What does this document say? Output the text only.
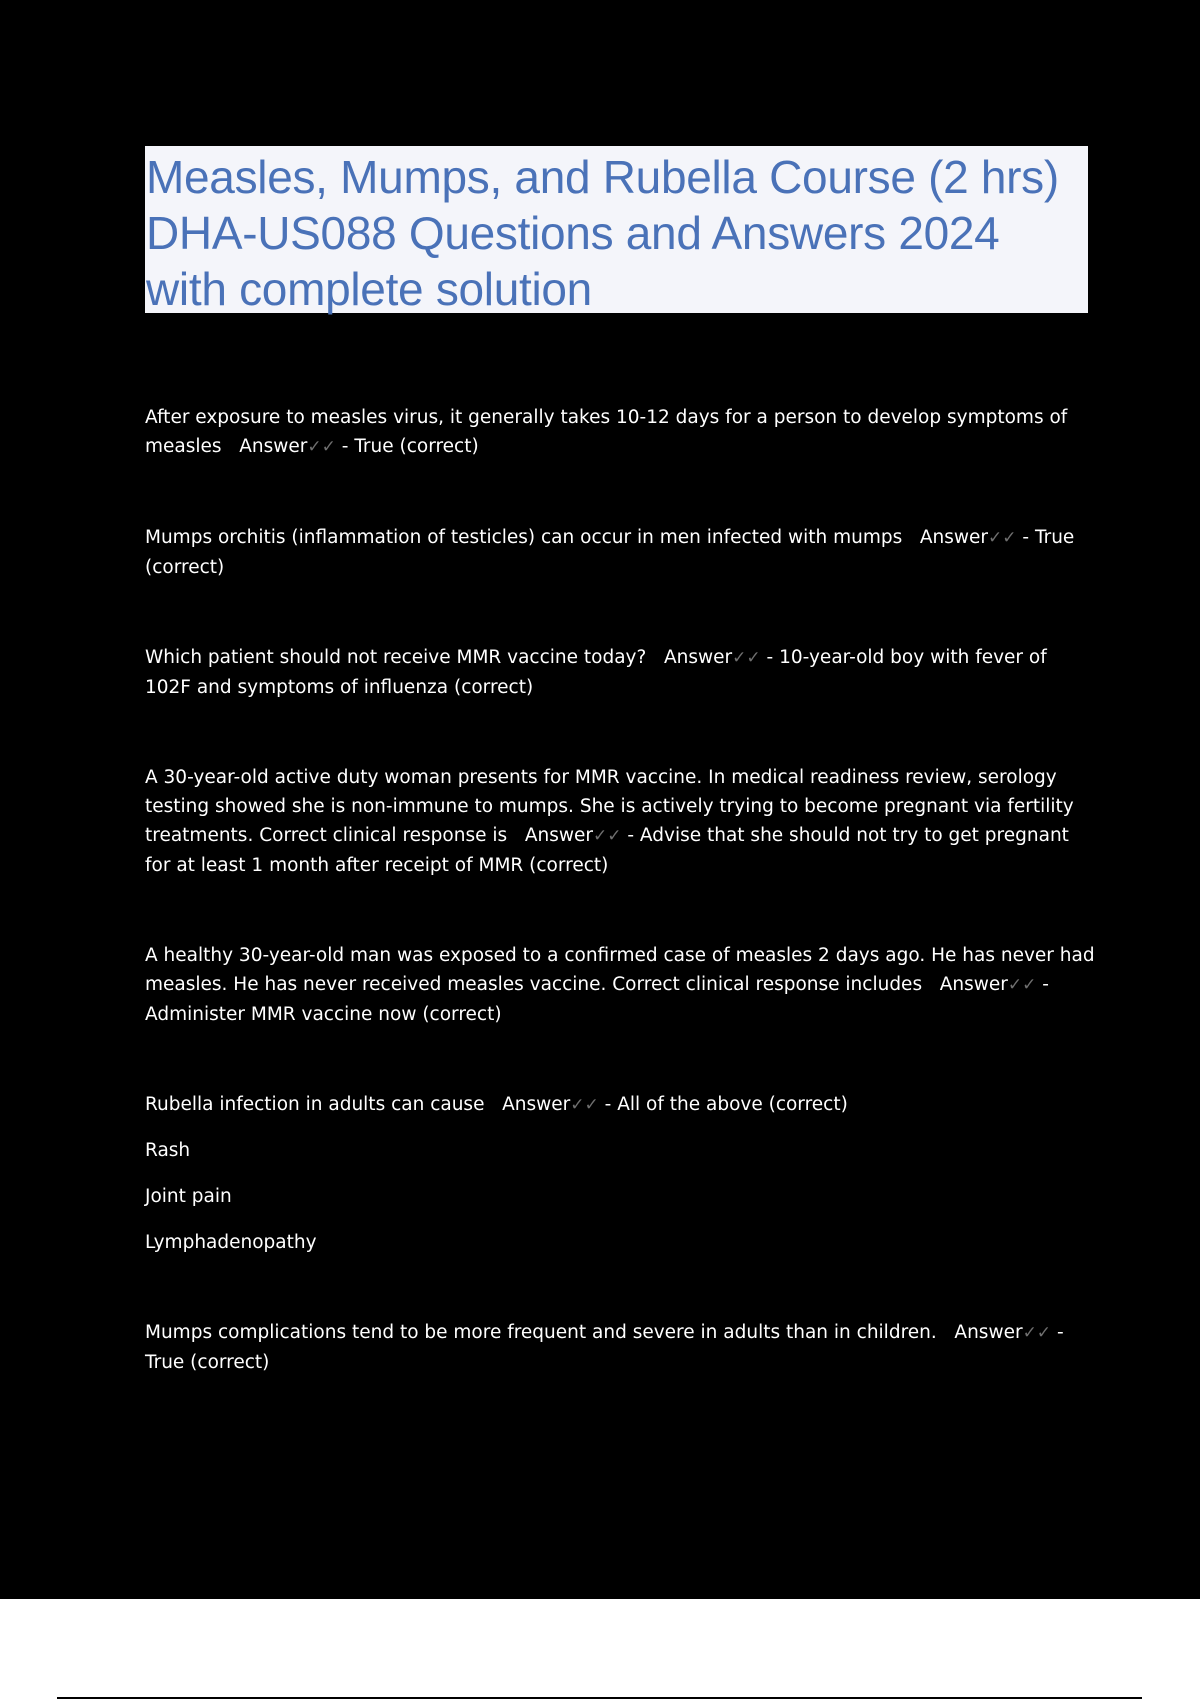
Measles, Mumps, and Rubella Course (2 hrs) DHA-US088 Questions and Answers 2024 with complete solution

After exposure to measles virus, it generally takes 10-12 days for a person to develop symptoms of measles Answer✓✓ - True (correct)

Mumps orchitis (inflammation of testicles) can occur in men infected with mumps Answer✓✓ - True (correct)

Which patient should not receive MMR vaccine today? Answer✓✓ - 10-year-old boy with fever of 102F and symptoms of influenza (correct)

A 30-year-old active duty woman presents for MMR vaccine. In medical readiness review, serology testing showed she is non-immune to mumps. She is actively trying to become pregnant via fertility treatments. Correct clinical response is Answer✓✓ - Advise that she should not try to get pregnant for at least 1 month after receipt of MMR (correct)

A healthy 30-year-old man was exposed to a confirmed case of measles 2 days ago. He has never had measles. He has never received measles vaccine. Correct clinical response includes Answer✓✓ - Administer MMR vaccine now (correct)

Rubella infection in adults can cause Answer✓✓ - All of the above (correct)

Rash

Joint pain

Lymphadenopathy

Mumps complications tend to be more frequent and severe in adults than in children. Answer✓✓ - True (correct)
